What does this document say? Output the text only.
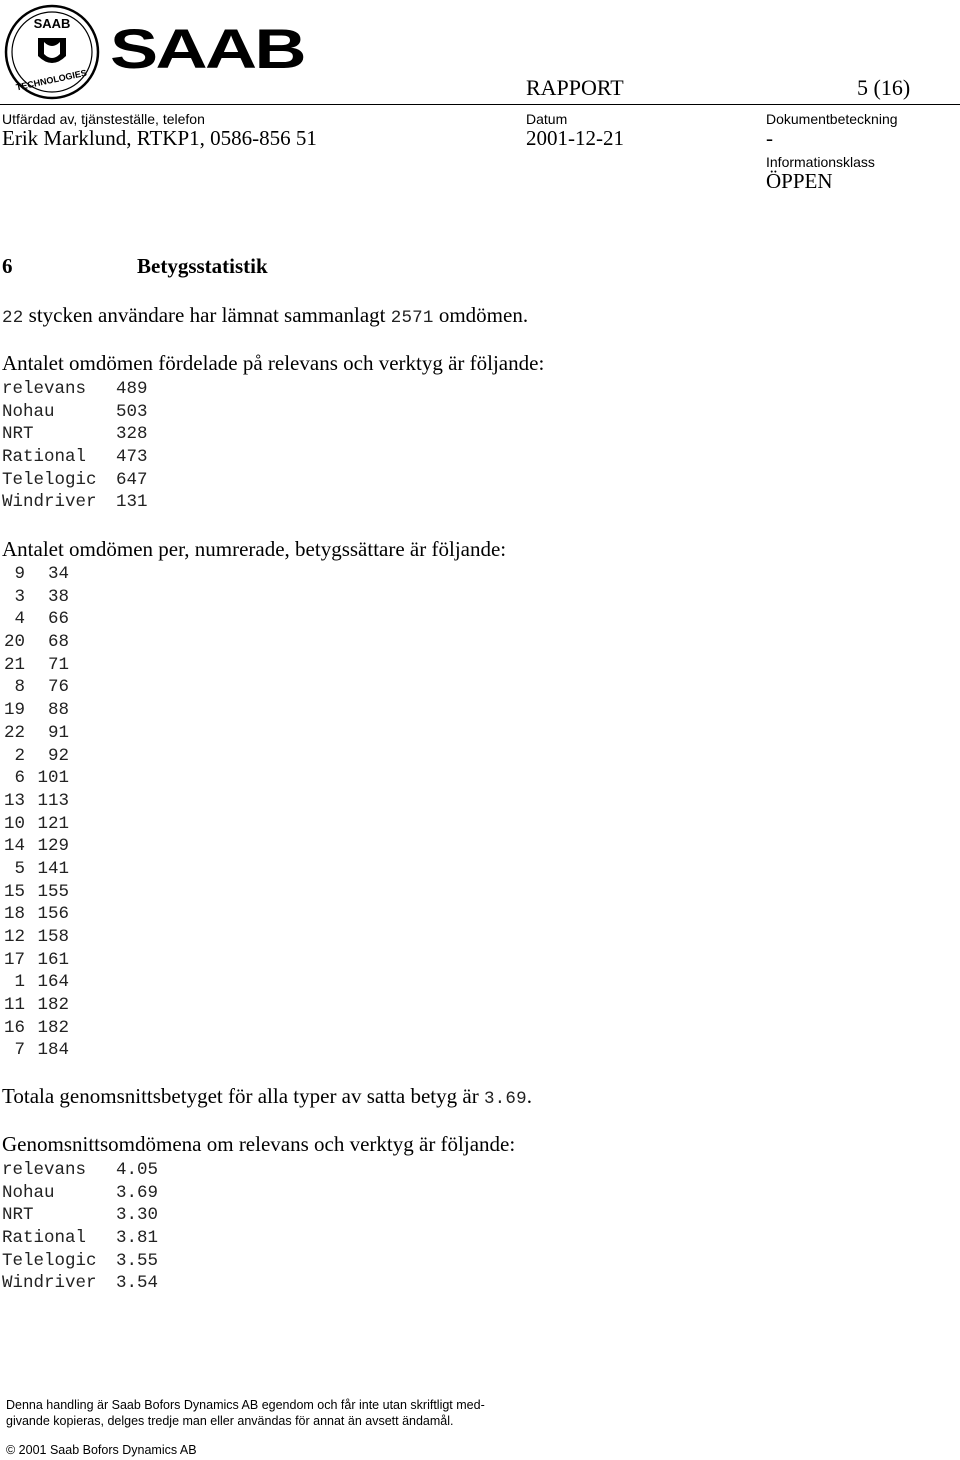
SAAB
TECHNOLOGIES
SAAB
RAPPORT	5 (16)
Utfärdad av, tjänsteställe, telefon
Erik Marklund, RTKP1, 0586-856 51
Datum
2001-12-21
Dokumentbeteckning
-
Informationsklass
ÖPPEN
6	Betygsstatistik
22 stycken användare har lämnat sammanlagt 2571 omdömen.
Antalet omdömen fördelade på relevans och verktyg är följande:
relevans 489
Nohau	503
NRT	328
Rational 473
Telelogic 647
Windriver 131
Antalet omdömen per, numrerade, betygssättare är följande:
9 34
3 38
4 66
20 68
21 71
8 76
19 88
22 91
2 92
6 101
13 113
10 121
14 129
5 141
15 155
18 156
12 158
17 161
1 164
11 182
16 182
7 184
Totala genomsnittsbetyget för alla typer av satta betyg är 3.69.
Genomsnittsomdömena om relevans och verktyg är följande:
relevans 4.05
Nohau	3.69
NRT	3.30
Rational 3.81
Telelogic 3.55
Windriver 3.54
Denna handling är Saab Bofors Dynamics AB egendom och får inte utan skriftligt med-
givande kopieras, delges tredje man eller användas för annat än avsett ändamål.
© 2001 Saab Bofors Dynamics AB
